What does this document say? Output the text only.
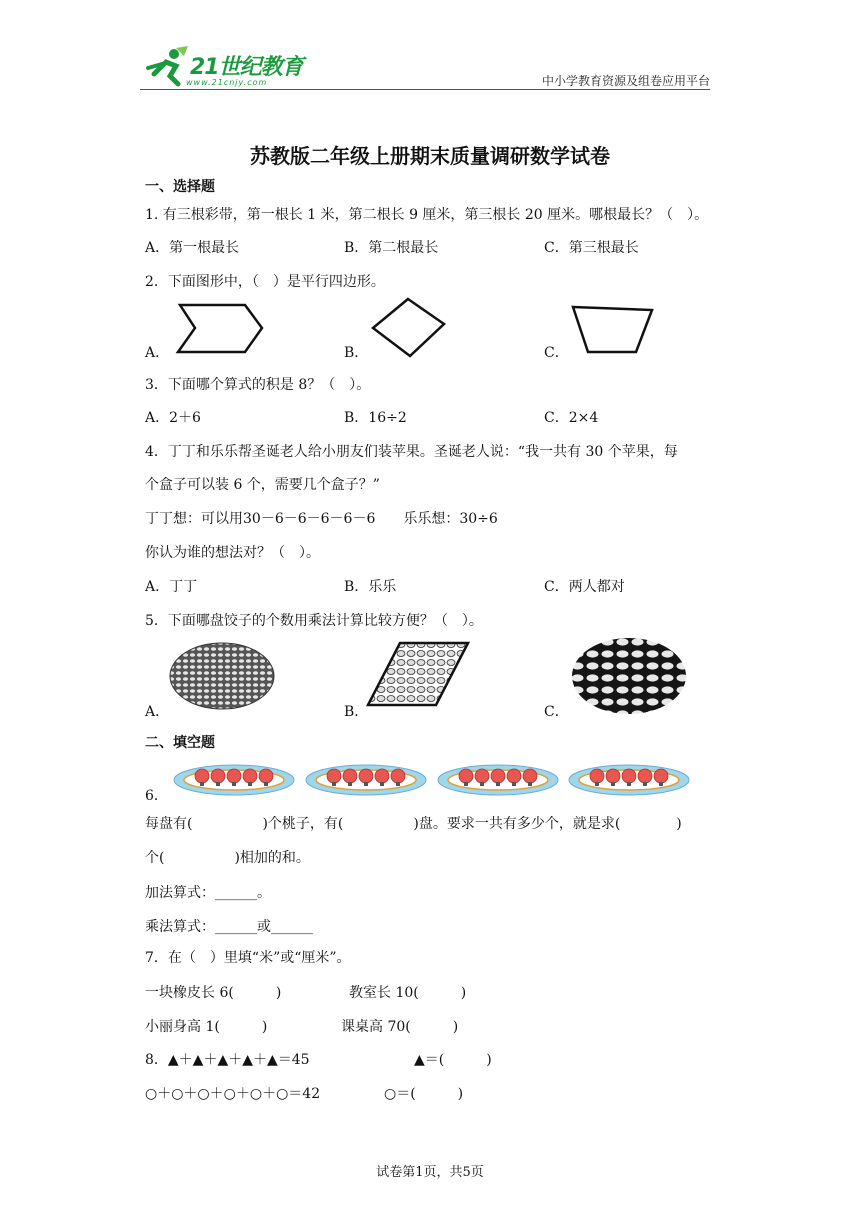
21世纪教育
www.21cnjy.com	中小学教育资源及组卷应用平台
苏教版二年级上册期末质量调研数学试卷
一、选择题
1. 有三根彩带，第一根长 1 米，第二根长 9 厘米，第三根长 20 厘米。哪根最长？（　）。
A．第一根最长	B．第二根最长	C．第三根最长
2．下面图形中，（　）是平行四边形。
A．	B．	C．
3．下面哪个算式的积是 8？（　）。
A．2＋6	B．16÷2	C．2×4
4．丁丁和乐乐帮圣诞老人给小朋友们装苹果。圣诞老人说：“我一共有 30 个苹果，每
个盒子可以装 6 个，需要几个盒子？”
丁丁想：可以用30－6－6－6－6－6　　乐乐想：30÷6
你认为谁的想法对？（　）。
A．丁丁	B．乐乐	C．两人都对
5．下面哪盘饺子的个数用乘法计算比较方便？（　）。
A．	B．	C．
二、填空题
6．
每盘有(　　　　　)个桃子，有(　　　　　)盘。要求一共有多少个，就是求(　　　　)
个(　　　　　)相加的和。
加法算式：______。
乘法算式：______或______
7．在（　）里填“米”或“厘米”。
一块橡皮长 6(　　　)	教室长 10(　　　)
小丽身高 1(　　　)	课桌高 70(　　　)
8．▲＋▲＋▲＋▲＋▲＝45	▲＝(　　　)
○＋○＋○＋○＋○＋○＝42	○＝(　　　)
试卷第1页，共5页
